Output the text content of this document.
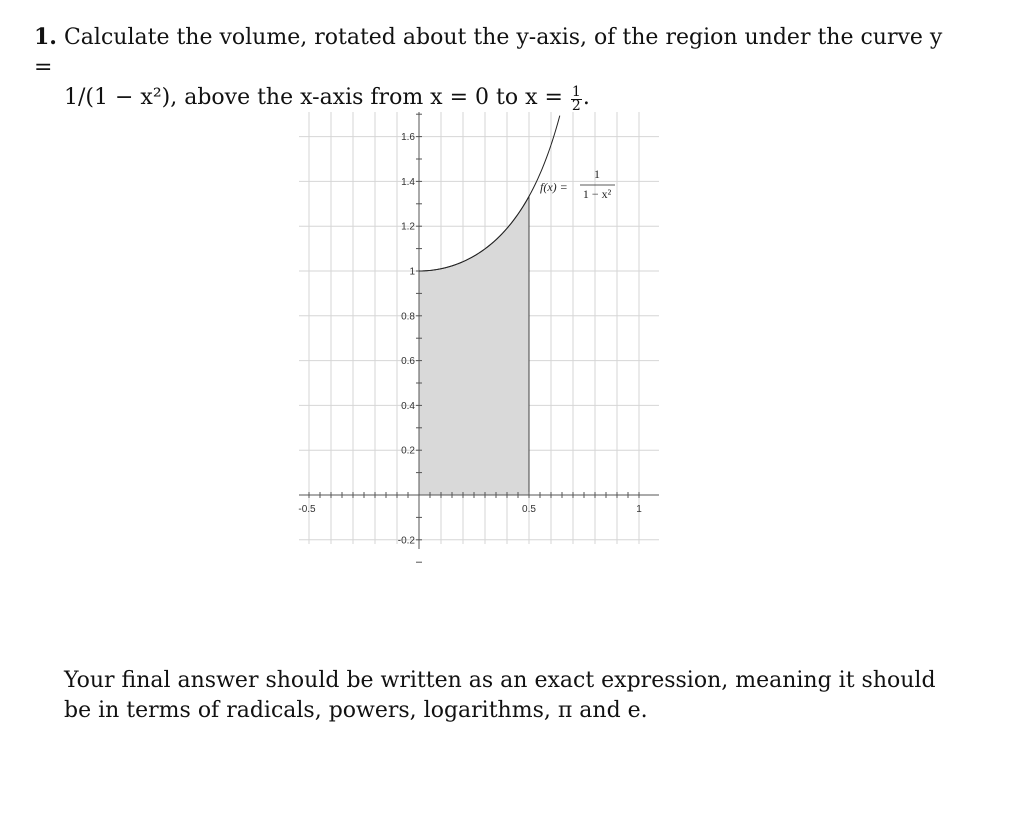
1. Calculate the volume, rotated about the y-axis, of the region under the curve y =
1/(1 − x²), above the x-axis from x = 0 to $x = \frac{1}{2}$ .
1.6
1.4
1.2
1
0.8
0.6
0.4
0.2
-0.2
-0.5	0.5	1
f(x) =
1
1 − x²
Your final answer should be written as an exact expression, meaning it should be in terms of radicals, powers, logarithms, π and e.
